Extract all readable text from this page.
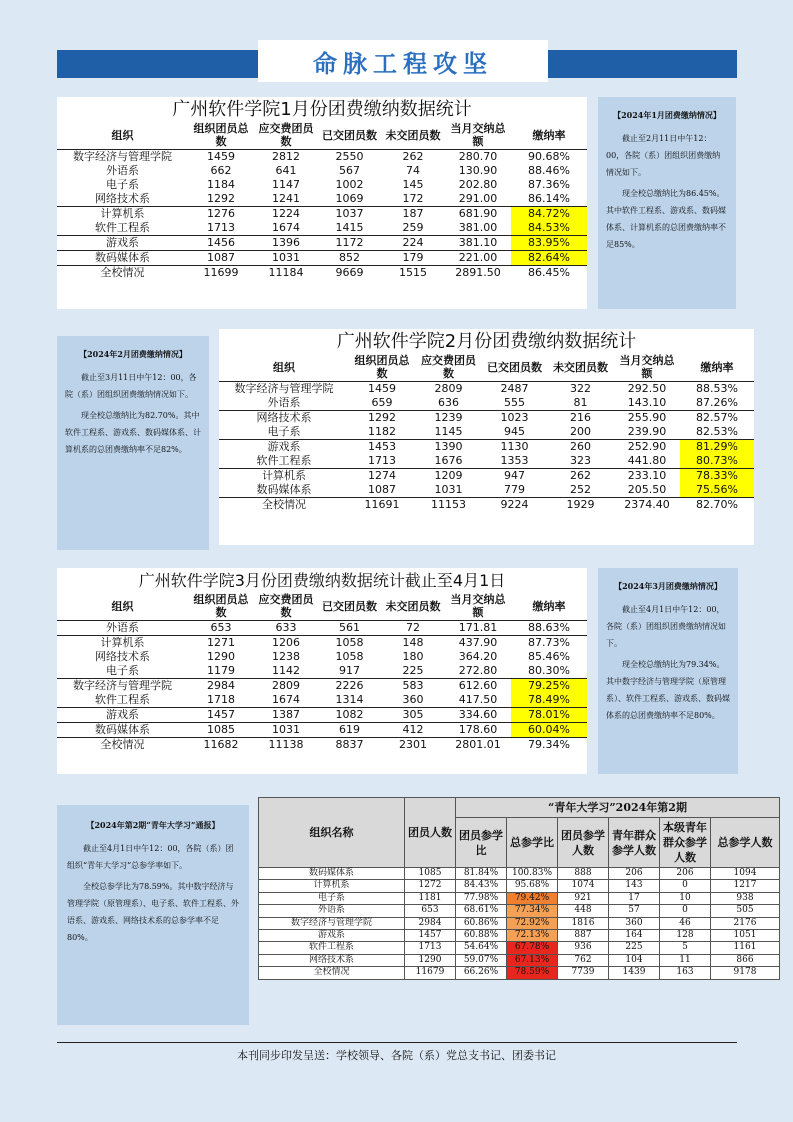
命脉工程攻坚
广州软件学院1月份团费缴纳数据统计
组织	组织团员总数	应交费团员数	已交团员数	未交团员数	当月交纳总额	缴纳率
数字经济与管理学院	1459	2812	2550	262	280.70	90.68%
外语系	662	641	567	74	130.90	88.46%
电子系	1184	1147	1002	145	202.80	87.36%
网络技术系	1292	1241	1069	172	291.00	86.14%
计算机系	1276	1224	1037	187	681.90	84.72%
软件工程系	1713	1674	1415	259	381.00	84.53%
游戏系	1456	1396	1172	224	381.10	83.95%
数码媒体系	1087	1031	852	179	221.00	82.64%
全校情况	11699	11184	9669	1515	2891.50	86.45%
【2024年1月团费缴纳情况】

截止至2月11日中午12：00，各院（系）团组织团费缴纳情况如下。

现全校总缴纳比为86.45%。其中软件工程系、游戏系、数码媒体系、计算机系的总团费缴纳率不足85%。

【2024年2月团费缴纳情况】

截止至3月11日中午12：00，各院（系）团组织团费缴纳情况如下。

现全校总缴纳比为82.70%。其中软件工程系、游戏系、数码媒体系、计算机系的总团费缴纳率不足82%。

广州软件学院2月份团费缴纳数据统计
组织	组织团员总数	应交费团员数	已交团员数	未交团员数	当月交纳总额	缴纳率
数字经济与管理学院	1459	2809	2487	322	292.50	88.53%
外语系	659	636	555	81	143.10	87.26%
网络技术系	1292	1239	1023	216	255.90	82.57%
电子系	1182	1145	945	200	239.90	82.53%
游戏系	1453	1390	1130	260	252.90	81.29%
软件工程系	1713	1676	1353	323	441.80	80.73%
计算机系	1274	1209	947	262	233.10	78.33%
数码媒体系	1087	1031	779	252	205.50	75.56%
全校情况	11691	11153	9224	1929	2374.40	82.70%
广州软件学院3月份团费缴纳数据统计截止至4月1日
组织	组织团员总数	应交费团员数	已交团员数	未交团员数	当月交纳总额	缴纳率
外语系	653	633	561	72	171.81	88.63%
计算机系	1271	1206	1058	148	437.90	87.73%
网络技术系	1290	1238	1058	180	364.20	85.46%
电子系	1179	1142	917	225	272.80	80.30%
数字经济与管理学院	2984	2809	2226	583	612.60	79.25%
软件工程系	1718	1674	1314	360	417.50	78.49%
游戏系	1457	1387	1082	305	334.60	78.01%
数码媒体系	1085	1031	619	412	178.60	60.04%
全校情况	11682	11138	8837	2301	2801.01	79.34%
【2024年3月团费缴纳情况】

截止至4月1日中午12：00，各院（系）团组织团费缴纳情况如下。

现全校总缴纳比为79.34%。其中数字经济与管理学院（原管理系）、软件工程系、游戏系、数码媒体系的总团费缴纳率不足80%。

【2024年第2期“青年大学习”通报】

截止至4月1日中午12：00，各院（系）团组织“青年大学习”总参学率如下。

全校总参学比为78.59%。其中数字经济与管理学院（原管理系）、电子系、软件工程系、外语系、游戏系、网络技术系的总参学率不足80%。

组织名称	团员人数	“青年大学习”2024年第2期					
		团员参学比	总参学比	团员参学人数	青年群众参学人数	本级青年群众参学人数	总参学人数
数码媒体系	1085	81.84%	100.83%	888	206	206	1094
计算机系	1272	84.43%	95.68%	1074	143	0	1217
电子系	1181	77.98%	79.42%	921	17	10	938
外语系	653	68.61%	77.34%	448	57	0	505
数字经济与管理学院	2984	60.86%	72.92%	1816	360	46	2176
游戏系	1457	60.88%	72.13%	887	164	128	1051
软件工程系	1713	54.64%	67.78%	936	225	5	1161
网络技术系	1290	59.07%	67.13%	762	104	11	866
全校情况	11679	66.26%	78.59%	7739	1439	163	9178
本刊同步印发呈送：学校领导、各院（系）党总支书记、团委书记
